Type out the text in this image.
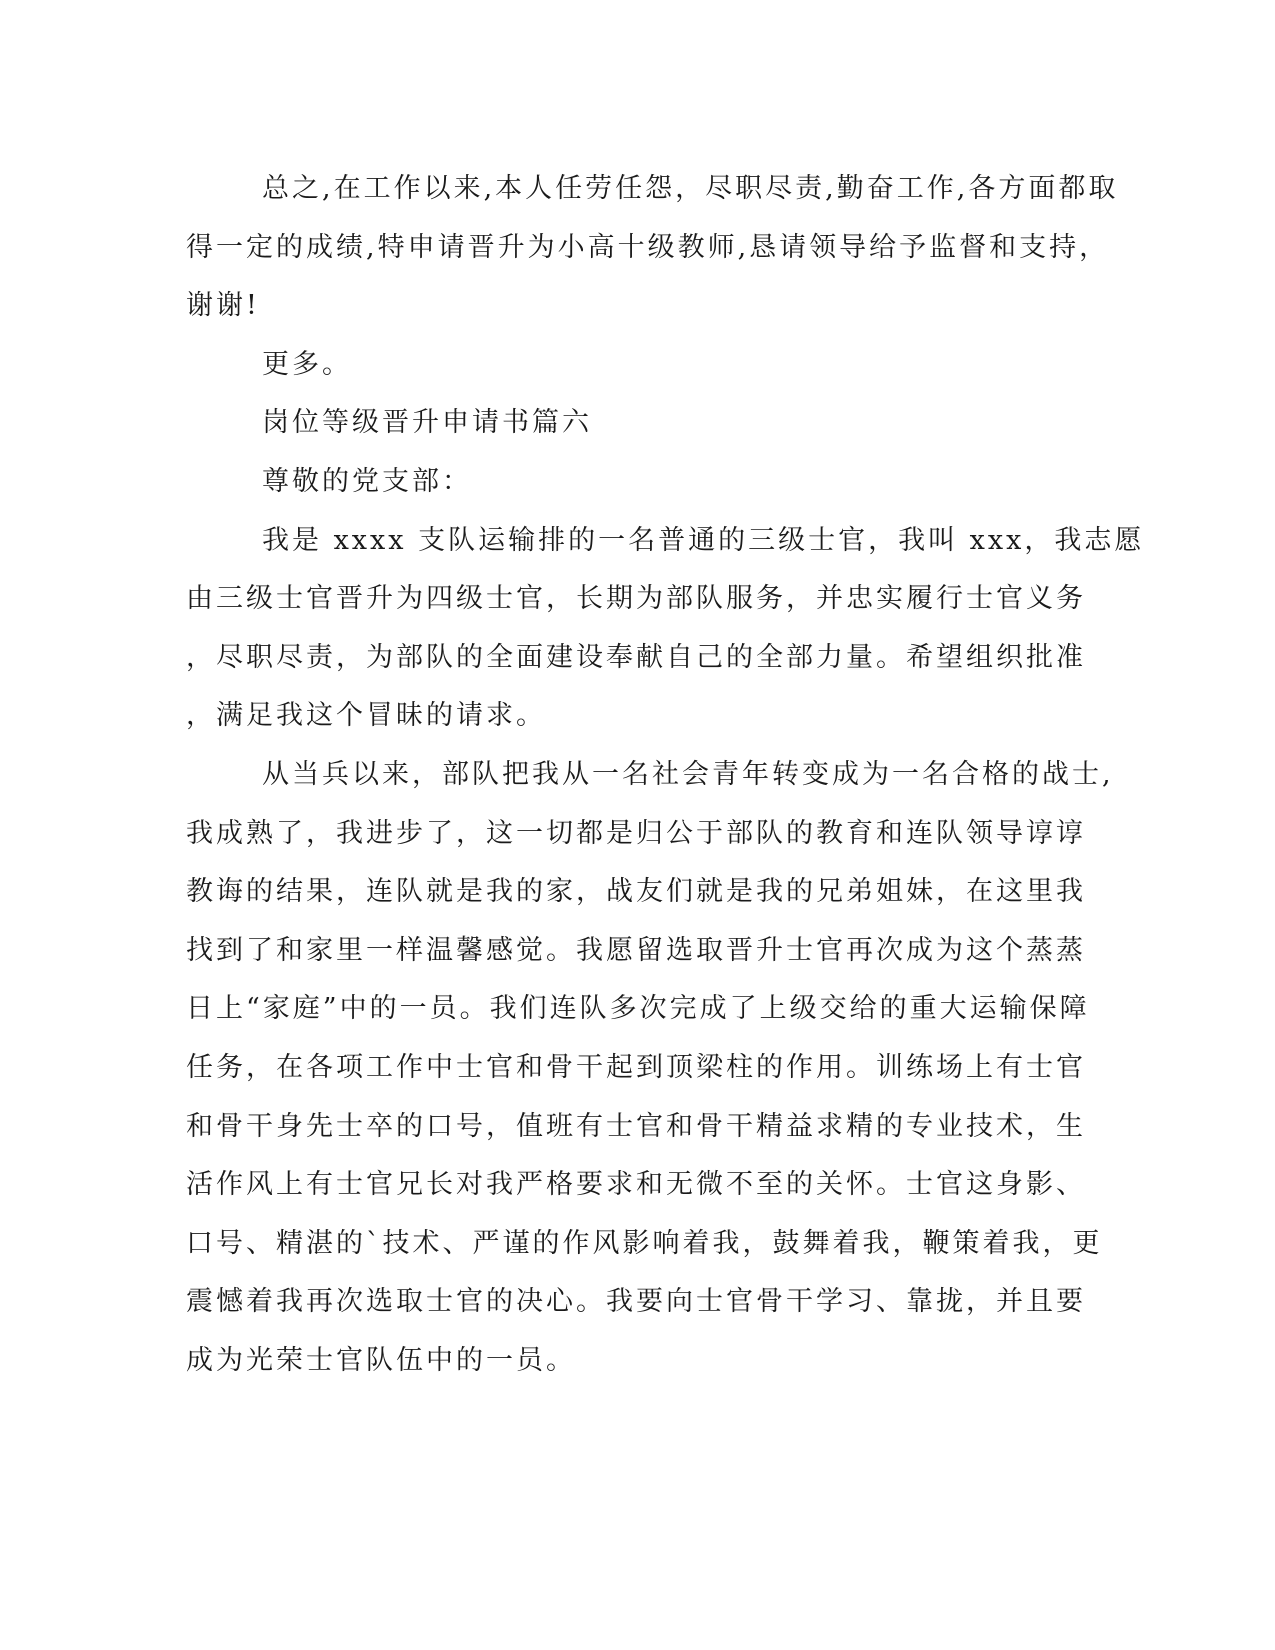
总之,在工作以来,本人任劳任怨，尽职尽责,勤奋工作,各方面都取
得一定的成绩,特申请晋升为小高十级教师,恳请领导给予监督和支持，
谢谢!
更多。
岗位等级晋升申请书篇六
尊敬的党支部：
我是 xxxx 支队运输排的一名普通的三级士官，我叫 xxx，我志愿
由三级士官晋升为四级士官，长期为部队服务，并忠实履行士官义务
，尽职尽责，为部队的全面建设奉献自己的全部力量。希望组织批准
，满足我这个冒昧的请求。
从当兵以来，部队把我从一名社会青年转变成为一名合格的战士,
我成熟了，我进步了，这一切都是归公于部队的教育和连队领导谆谆
教诲的结果，连队就是我的家，战友们就是我的兄弟姐妹，在这里我
找到了和家里一样温馨感觉。我愿留选取晋升士官再次成为这个蒸蒸
日上“家庭”中的一员。我们连队多次完成了上级交给的重大运输保障
任务，在各项工作中士官和骨干起到顶梁柱的作用。训练场上有士官
和骨干身先士卒的口号，值班有士官和骨干精益求精的专业技术，生
活作风上有士官兄长对我严格要求和无微不至的关怀。士官这身影、
口号、精湛的`技术、严谨的作风影响着我，鼓舞着我，鞭策着我，更
震憾着我再次选取士官的决心。我要向士官骨干学习、靠拢，并且要
成为光荣士官队伍中的一员。
